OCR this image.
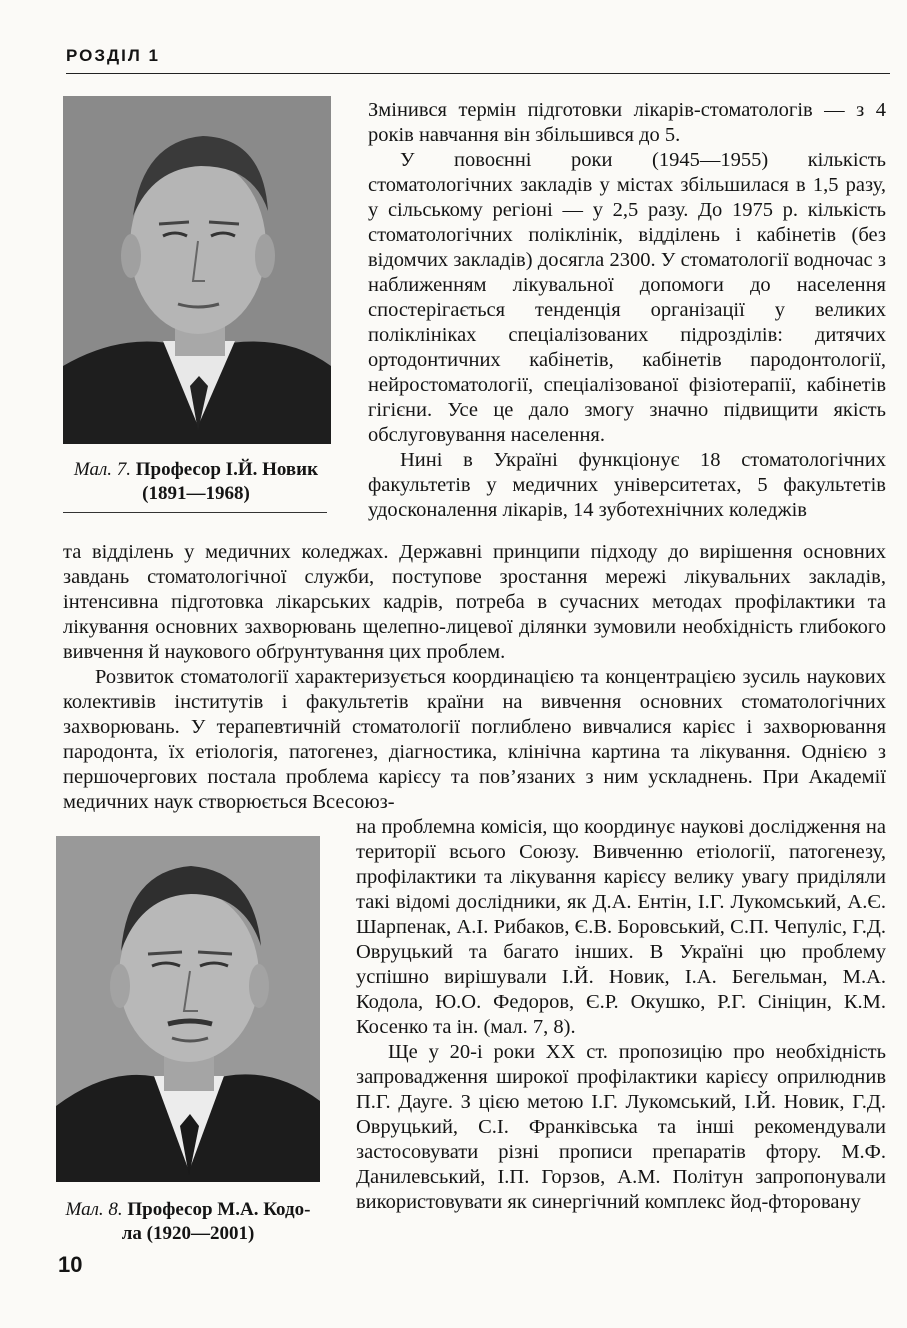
РОЗДІЛ 1
Мал. 7. Професор І.Й. Новик
(1891—1968)

Змінився термін підготовки лікарів-стоматологів — з 4 років навчання він збільшився до 5.

У повоєнні роки (1945—1955) кількість стоматологічних закладів у містах збільшилася в 1,5 разу, у сільському регіоні — у 2,5 разу. До 1975 р. кількість стоматологічних поліклінік, відділень і кабінетів (без відомчих закладів) досягла 2300. У стоматології водночас з наближенням лікувальної допомоги до населення спостерігається тенденція організації у великих поліклініках спеціалізованих підрозділів: дитячих ортодонтичних кабінетів, кабінетів пародонтології, нейростоматології, спеціалізованої фізіотерапії, кабінетів гігієни. Усе це дало змогу значно підвищити якість обслуговування населення.

Нині в Україні функціонує 18 стоматологічних факультетів у медичних університетах, 5 факультетів удосконалення лікарів, 14 зуботехнічних коледжів

та відділень у медичних коледжах. Державні принципи підходу до вирішення основних завдань стоматологічної служби, поступове зростання мережі лікувальних закладів, інтенсивна підготовка лікарських кадрів, потреба в сучасних методах профілактики та лікування основних захворювань щелепно-лицевої ділянки зумовили необхідність глибокого вивчення й наукового обґрунтування цих проблем.

Розвиток стоматології характеризується координацією та концентрацією зусиль наукових колективів інститутів і факультетів країни на вивчення основних стоматологічних захворювань. У терапевтичній стоматології поглиблено вивчалися карієс і захворювання пародонта, їх етіологія, патогенез, діагностика, клінічна картина та лікування. Однією з першочергових постала проблема карієсу та пов’язаних з ним ускладнень. При Академії медичних наук створюється Всесоюз-

Мал. 8. Професор М.А. Кодо-
ла (1920—2001)

на проблемна комісія, що координує наукові дослідження на території всього Союзу. Вивченню етіології, патогенезу, профілактики та лікування карієсу велику увагу приділяли такі відомі дослідники, як Д.А. Ентін, І.Г. Лукомський, А.Є. Шарпенак, А.І. Рибаков, Є.В. Боровський, С.П. Чепуліс, Г.Д. Овруцький та багато інших. В Україні цю проблему успішно вирішували І.Й. Новик, І.А. Бегельман, М.А. Кодола, Ю.О. Федоров, Є.Р. Окушко, Р.Г. Сініцин, К.М. Косенко та ін. (мал. 7, 8).

Ще у 20-і роки XX ст. пропозицію про необхідність запровадження широкої профілактики карієсу оприлюднив П.Г. Дауге. З цією метою І.Г. Лукомський, І.Й. Новик, Г.Д. Овруцький, С.І. Франківська та інші рекомендували застосовувати різні прописи препаратів фтору. М.Ф. Данилевський, І.П. Горзов, А.М. Політун запропонували використовувати як синергічний комплекс йод-фторовану

10
